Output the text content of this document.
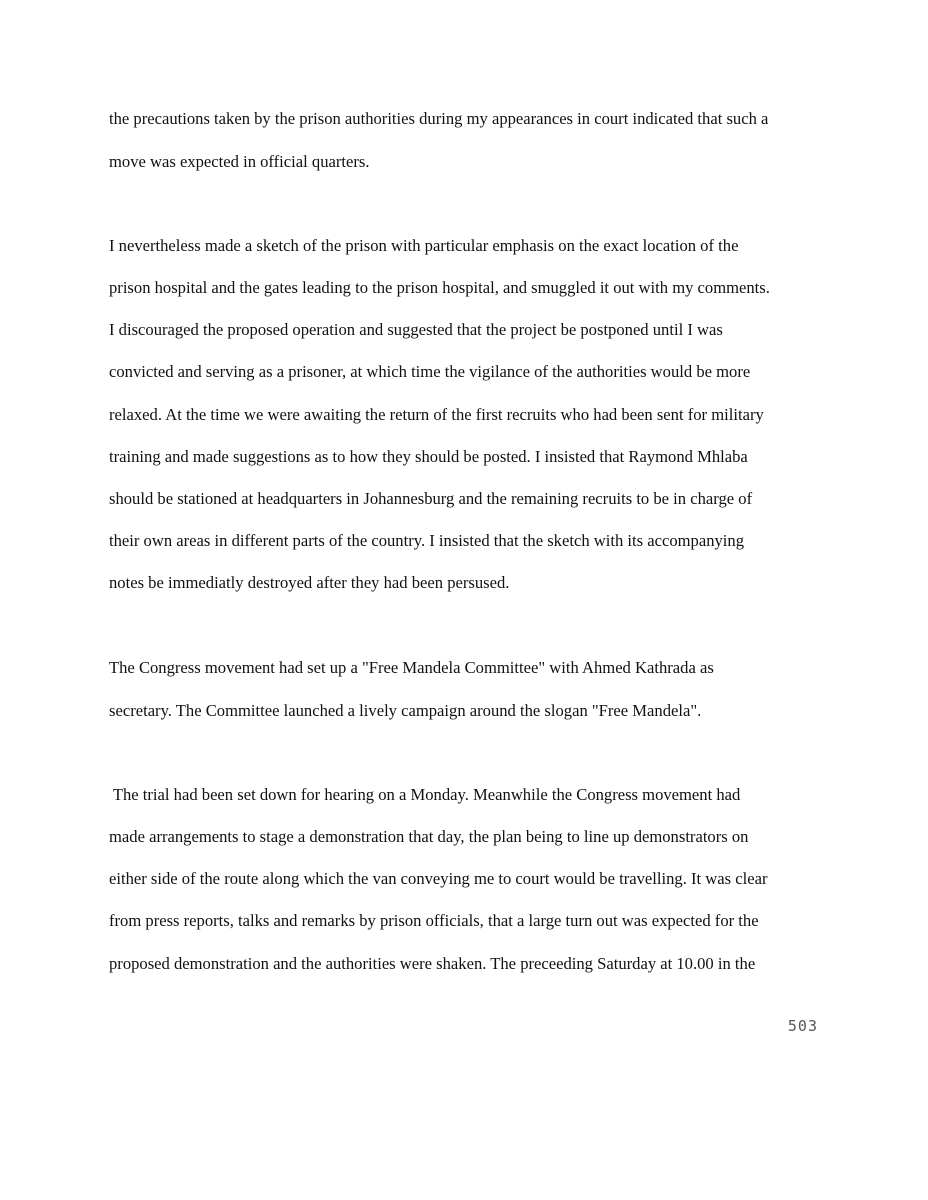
the precautions taken by the prison authorities during my appearances in court indicated that such a
move was expected in official quarters.
I nevertheless made a sketch of the prison with particular emphasis on the exact location of the
prison hospital and the gates leading to the prison hospital, and smuggled it out with my comments.
I discouraged the proposed operation and suggested that the project be postponed until I was
convicted and serving as a prisoner, at which time the vigilance of the authorities would be more
relaxed. At the time we were awaiting the return of the first recruits who had been sent for military
training and made suggestions as to how they should be posted. I insisted that Raymond Mhlaba
should be stationed at headquarters in Johannesburg and the remaining recruits to be in charge of
their own areas in different parts of the country. I insisted that the sketch with its accompanying
notes be immediatly destroyed after they had been persused.
The Congress movement had set up a "Free Mandela Committee" with Ahmed Kathrada as
secretary. The Committee launched a lively campaign around the slogan "Free Mandela".
The trial had been set down for hearing on a Monday. Meanwhile the Congress movement had
made arrangements to stage a demonstration that day, the plan being to line up demonstrators on
either side of the route along which the van conveying me to court would be travelling. It was clear
from press reports, talks and remarks by prison officials, that a large turn out was expected for the
proposed demonstration and the authorities were shaken. The preceeding Saturday at 10.00 in the
503
